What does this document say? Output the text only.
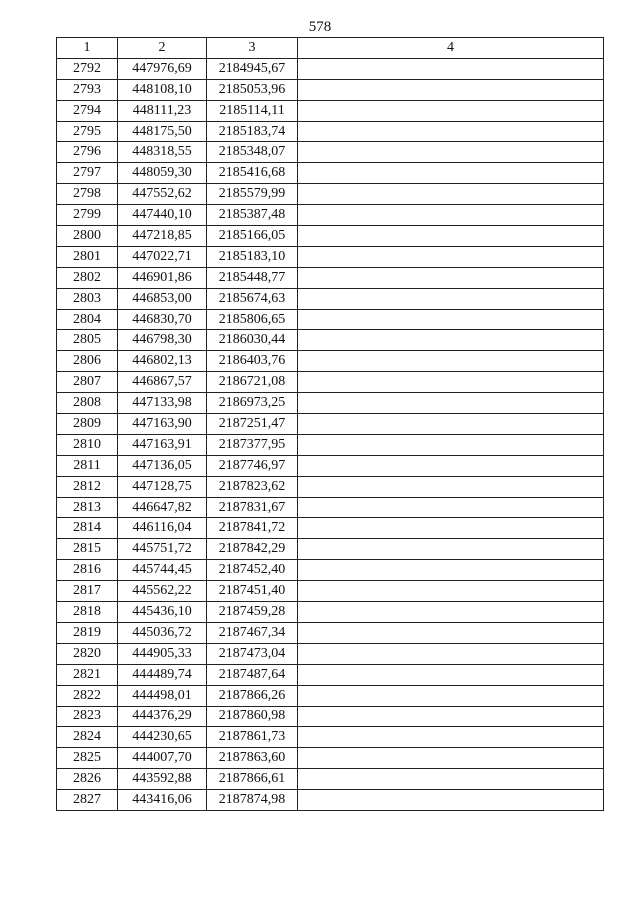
578
1	2	3	4
2792	447976,69	2184945,67	
2793	448108,10	2185053,96	
2794	448111,23	2185114,11	
2795	448175,50	2185183,74	
2796	448318,55	2185348,07	
2797	448059,30	2185416,68	
2798	447552,62	2185579,99	
2799	447440,10	2185387,48	
2800	447218,85	2185166,05	
2801	447022,71	2185183,10	
2802	446901,86	2185448,77	
2803	446853,00	2185674,63	
2804	446830,70	2185806,65	
2805	446798,30	2186030,44	
2806	446802,13	2186403,76	
2807	446867,57	2186721,08	
2808	447133,98	2186973,25	
2809	447163,90	2187251,47	
2810	447163,91	2187377,95	
2811	447136,05	2187746,97	
2812	447128,75	2187823,62	
2813	446647,82	2187831,67	
2814	446116,04	2187841,72	
2815	445751,72	2187842,29	
2816	445744,45	2187452,40	
2817	445562,22	2187451,40	
2818	445436,10	2187459,28	
2819	445036,72	2187467,34	
2820	444905,33	2187473,04	
2821	444489,74	2187487,64	
2822	444498,01	2187866,26	
2823	444376,29	2187860,98	
2824	444230,65	2187861,73	
2825	444007,70	2187863,60	
2826	443592,88	2187866,61	
2827	443416,06	2187874,98	
